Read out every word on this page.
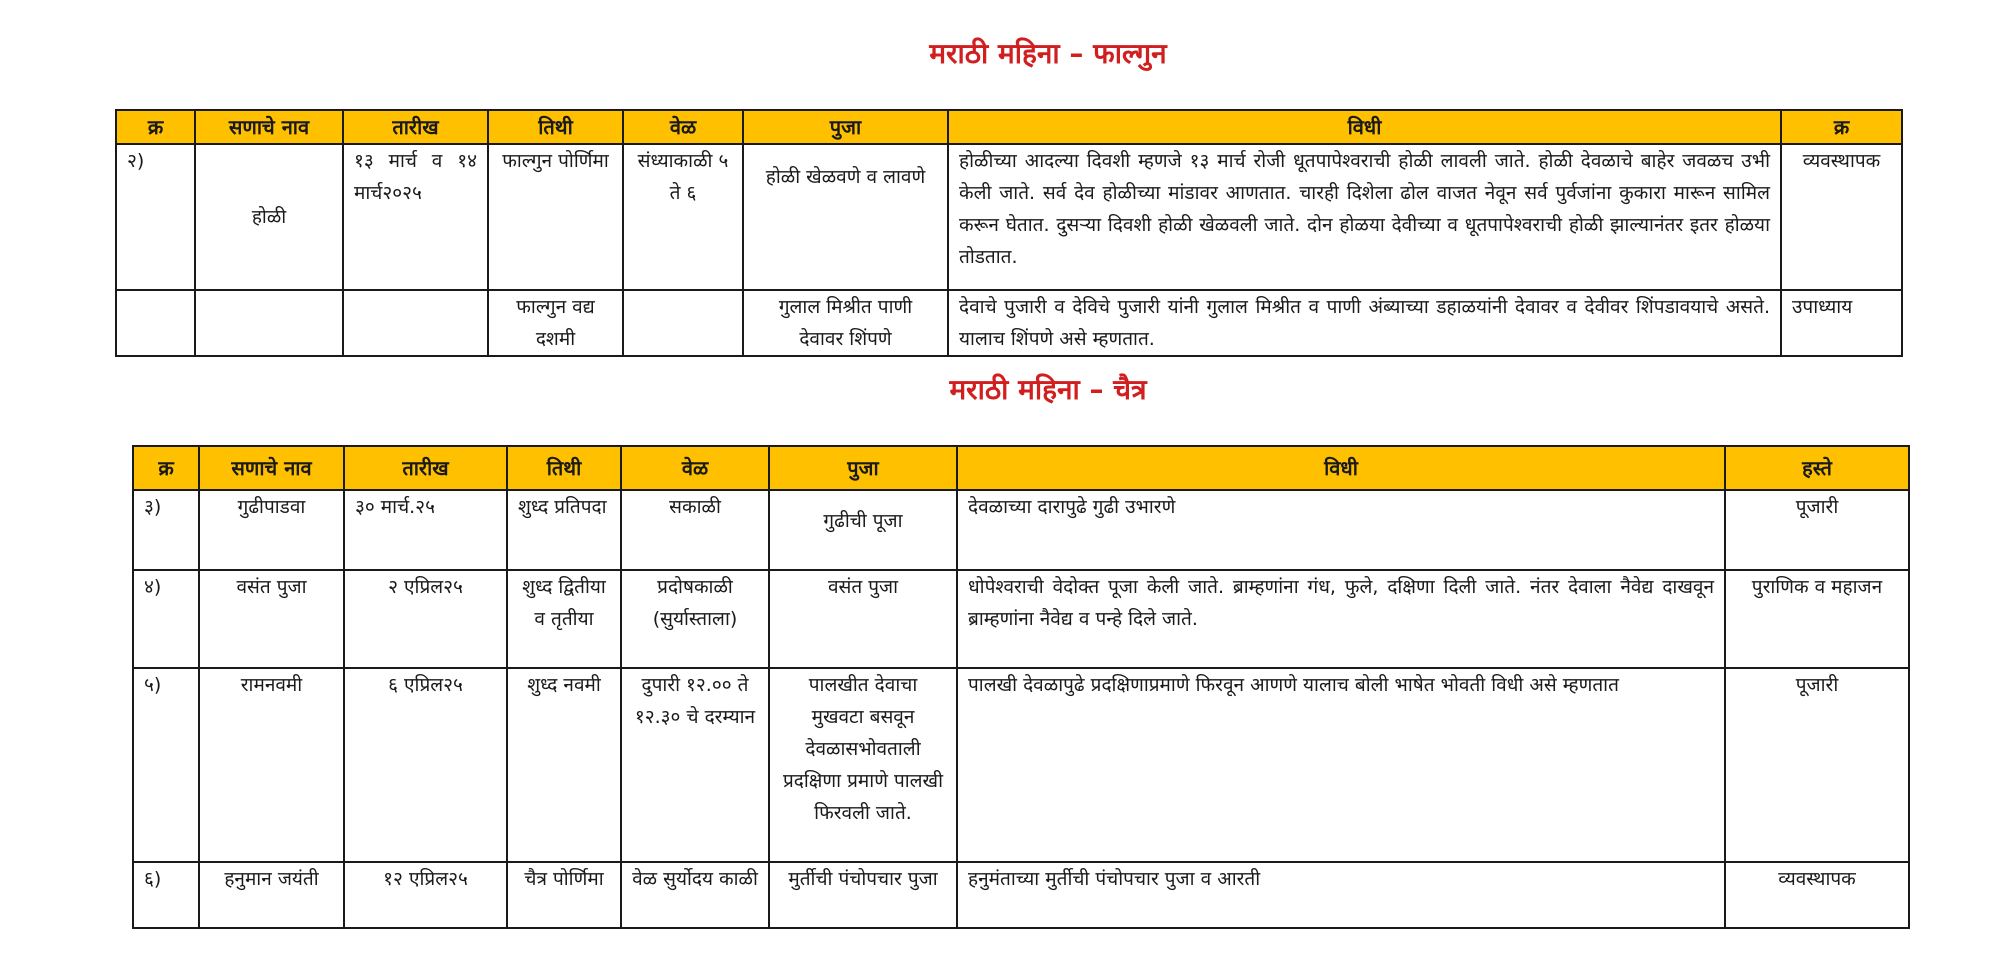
मराठी महिना – फाल्गुन
क्र	सणाचे नाव	तारीख	तिथी	वेळ	पुजा	विधी	क्र
२)	होळी	१३ मार्च व १४ मार्च२०२५	फाल्गुन पोर्णिमा	संध्याकाळी ५ ते ६	होळी खेळवणे व लावणे	होळीच्या आदल्या दिवशी म्हणजे १३ मार्च रोजी धूतपापेश्वराची होळी लावली जाते. होळी देवळाचे बाहेर जवळच उभी केली जाते. सर्व देव होळीच्या मांडावर आणतात. चारही दिशेला ढोल वाजत नेवून सर्व पुर्वजांना कुकारा मारून सामिल करून घेतात. दुसऱ्या दिवशी होळी खेळवली जाते. दोन होळया देवीच्या व धूतपापेश्वराची होळी झाल्यानंतर इतर होळया तोडतात.	व्यवस्थापक
			फाल्गुन वद्य दशमी		गुलाल मिश्रीत पाणी देवावर शिंपणे	देवाचे पुजारी व देविचे पुजारी यांनी गुलाल मिश्रीत व पाणी अंब्याच्या डहाळयांनी देवावर व देवीवर शिंपडावयाचे असते. यालाच शिंपणे असे म्हणतात.	उपाध्याय
मराठी महिना – चैत्र
क्र	सणाचे नाव	तारीख	तिथी	वेळ	पुजा	विधी	हस्ते
३)	गुढीपाडवा	३० मार्च.२५	शुध्द प्रतिपदा	सकाळी	गुढीची पूजा	देवळाच्या दारापुढे गुढी उभारणे	पूजारी
४)	वसंत पुजा	२ एप्रिल२५	शुध्द द्वितीया व तृतीया	प्रदोषकाळी (सुर्यास्ताला)	वसंत पुजा	धोपेश्वराची वेदोक्त पूजा केली जाते. ब्राम्हणांना गंध, फुले, दक्षिणा दिली जाते. नंतर देवाला नैवेद्य दाखवून ब्राम्हणांना नैवेद्य व पन्हे दिले जाते.	पुराणिक व महाजन
५)	रामनवमी	६ एप्रिल२५	शुध्द नवमी	दुपारी १२.०० ते १२.३० चे दरम्यान	पालखीत देवाचा मुखवटा बसवून देवळासभोवताली प्रदक्षिणा प्रमाणे पालखी फिरवली जाते.	पालखी देवळापुढे प्रदक्षिणाप्रमाणे फिरवून आणणे यालाच बोली भाषेत भोवती विधी असे म्हणतात	पूजारी
६)	हनुमान जयंती	१२ एप्रिल२५	चैत्र पोर्णिमा	वेळ सुर्योदय काळी	मुर्तीची पंचोपचार पुजा	हनुमंताच्या मुर्तीची पंचोपचार पुजा व आरती	व्यवस्थापक
